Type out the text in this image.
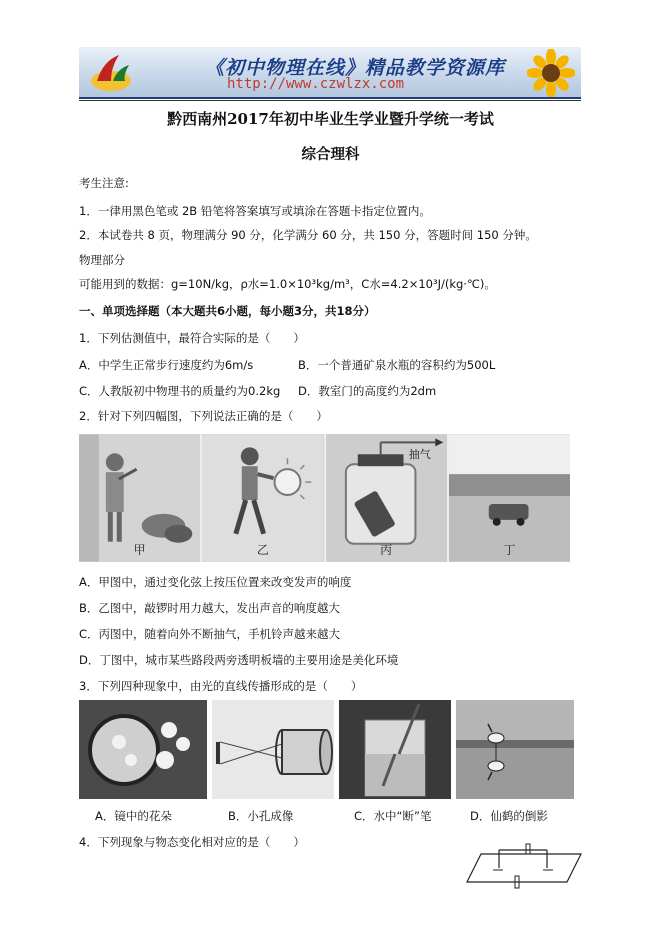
《初中物理在线》精品教学资源库
http://www.czwlzx.com
黔西南州2017年初中毕业生学业暨升学统一考试
综合理科
考生注意:
1．一律用黑色笔或 2B 铅笔将答案填写或填涂在答题卡指定位置内。
2．本试卷共 8 页，物理满分 90 分，化学满分 60 分，共 150 分，答题时间 150 分钟。
物理部分
可能用到的数据：g=10N/kg，ρ水=1.0×10³kg/m³，C水=4.2×10³J/(kg·℃)。
一、单项选择题（本大题共6小题，每小题3分，共18分）
1．下列估测值中，最符合实际的是（　　）
A．中学生正常步行速度约为6m/s	B．一个普通矿泉水瓶的容积约为500L
C．人教版初中物理书的质量约为0.2kg D．教室门的高度约为2dm
2．针对下列四幅图，下列说法正确的是（　　）
甲	乙
抽气
丙	丁
A．甲图中，通过变化弦上按压位置来改变发声的响度
B．乙图中，敲锣时用力越大，发出声音的响度越大
C．丙图中，随着向外不断抽气，手机铃声越来越大
D．丁图中，城市某些路段两旁透明板墙的主要用途是美化环境
3．下列四种现象中，由光的直线传播形成的是（　　）
A．镜中的花朵	B．小孔成像	C．水中“断”笔	D．仙鹤的倒影
4．下列现象与物态变化相对应的是（　　）
